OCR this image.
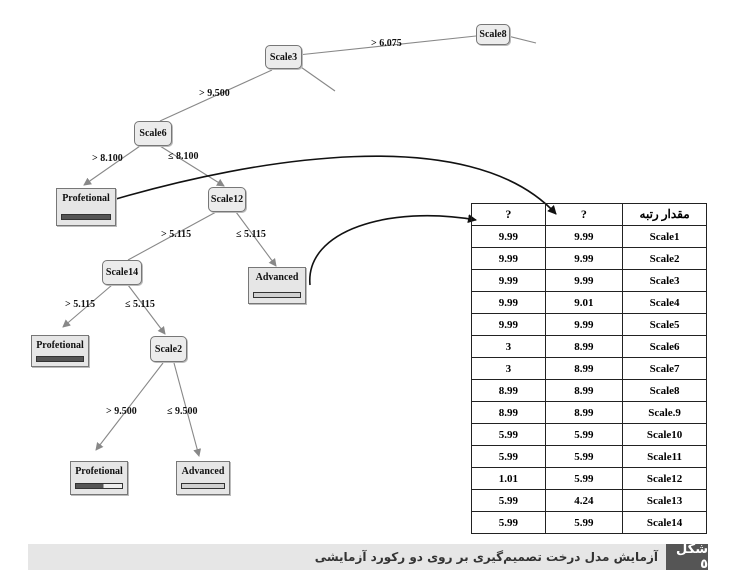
Scale8
Scale3
Scale6
Scale12
Scale14
Scale2
Profetional
Advanced
Profetional
Profetional	Advanced
> 6.075
> 9.500
> 8.100	≤ 8.100
> 5.115	≤ 5.115
> 5.115	≤ 5.115
> 9.500	≤ 9.500
?	?	مقدار رتبه
9.99	9.99	Scale1
9.99	9.99	Scale2
9.99	9.99	Scale3
9.99	9.01	Scale4
9.99	9.99	Scale5
3	8.99	Scale6
3	8.99	Scale7
8.99	8.99	Scale8
8.99	8.99	Scale.9
5.99	5.99	Scale10
5.99	5.99	Scale11
1.01	5.99	Scale12
5.99	4.24	Scale13
5.99	5.99	Scale14
شکل ٥
آزمایش مدل درخت تصمیم‌گیری بر روی دو رکورد آزمایشی
